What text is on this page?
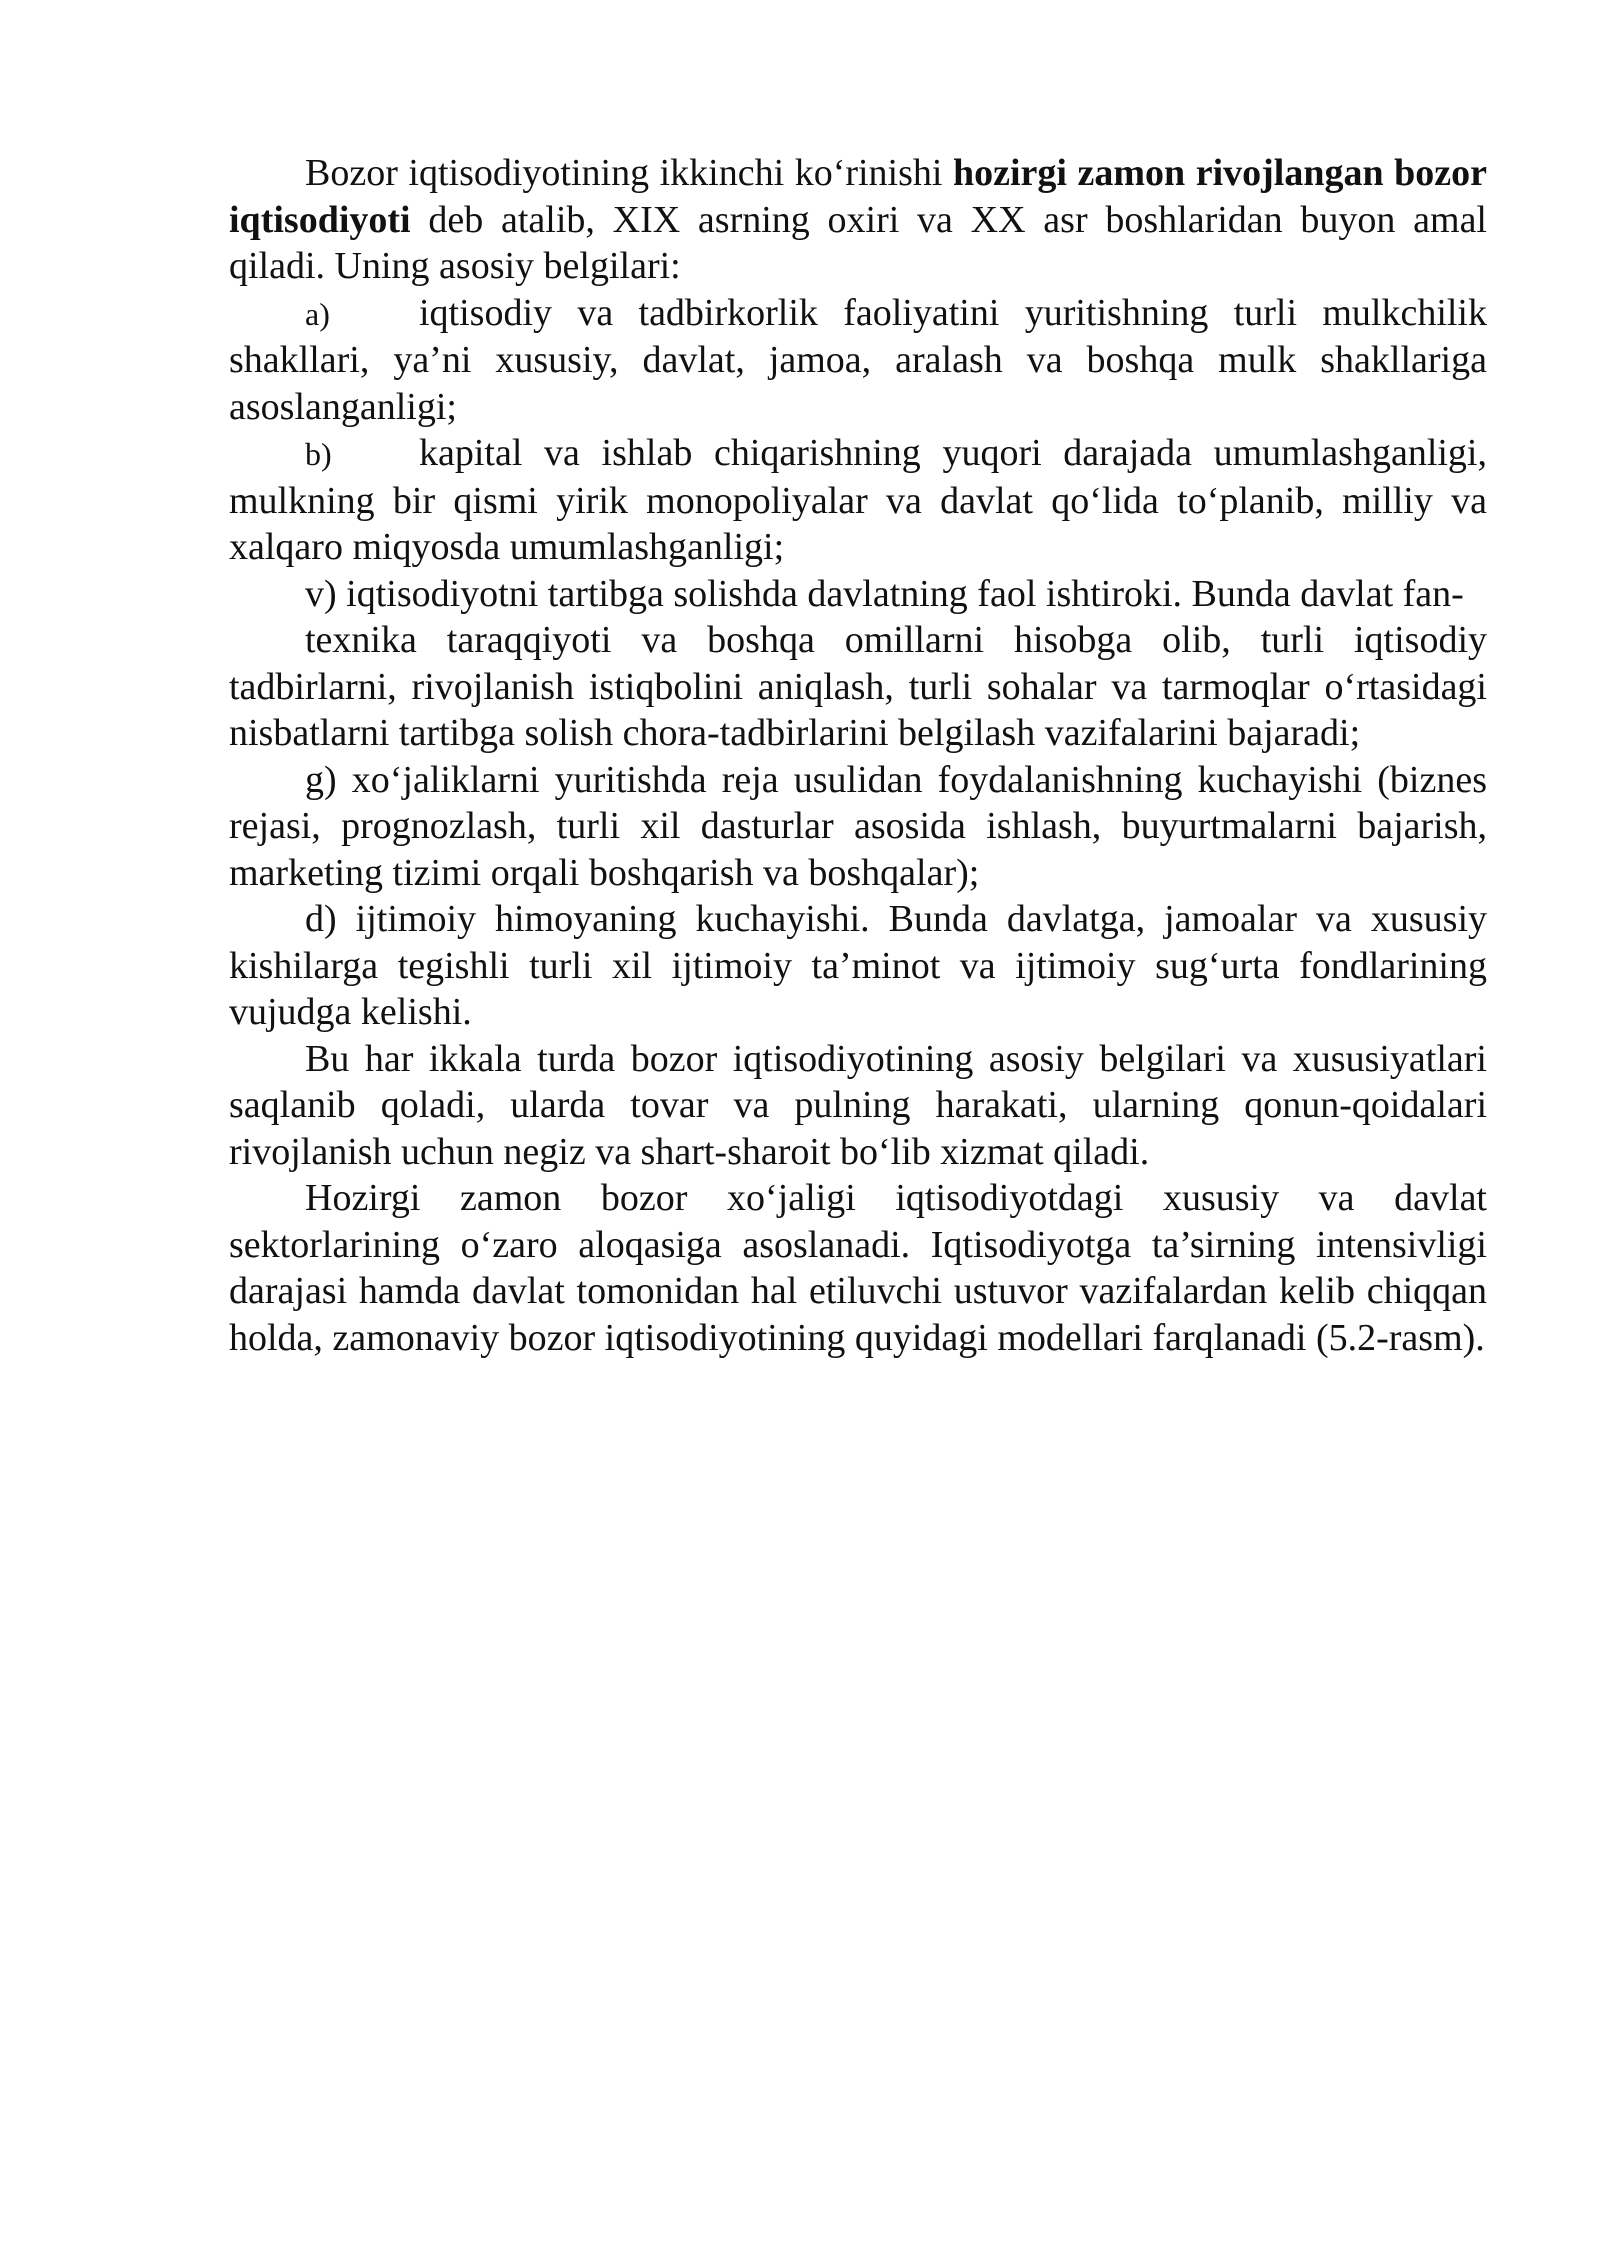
Bozor iqtisodiyotining ikkinchi ko‘rinishi hozirgi zamon rivojlangan bozor iqtisodiyoti deb atalib, XIX asrning oxiri va XX asr boshlaridan buyon amal qiladi. Uning asosiy belgilari:

a) iqtisodiy va tadbirkorlik faoliyatini yuritishning turli mulkchilik shakllari, ya’ni xususiy, davlat, jamoa, aralash va boshqa mulk shakllariga asoslanganligi;

b) kapital va ishlab chiqarishning yuqori darajada umumlashganligi, mulkning bir qismi yirik monopoliyalar va davlat qo‘lida to‘planib, milliy va xalqaro miqyosda umumlashganligi;

v) iqtisodiyotni tartibga solishda davlatning faol ishtiroki. Bunda davlat fan-

texnika taraqqiyoti va boshqa omillarni hisobga olib, turli iqtisodiy tadbirlarni, rivojlanish istiqbolini aniqlash, turli sohalar va tarmoqlar o‘rtasidagi nisbatlarni tartibga solish chora-tadbirlarini belgilash vazifalarini bajaradi;

g) xo‘jaliklarni yuritishda reja usulidan foydalanishning kuchayishi (biznes rejasi, prognozlash, turli xil dasturlar asosida ishlash, buyurtmalarni bajarish, marketing tizimi orqali boshqarish va boshqalar);

d) ijtimoiy himoyaning kuchayishi. Bunda davlatga, jamoalar va xususiy kishilarga tegishli turli xil ijtimoiy ta’minot va ijtimoiy sug‘urta fondlarining vujudga kelishi.

Bu har ikkala turda bozor iqtisodiyotining asosiy belgilari va xususiyatlari saqlanib qoladi, ularda tovar va pulning harakati, ularning qonun-qoidalari rivojlanish uchun negiz va shart-sharoit bo‘lib xizmat qiladi.

Hozirgi zamon bozor xo‘jaligi iqtisodiyotdagi xususiy va davlat sektorlarining o‘zaro aloqasiga asoslanadi. Iqtisodiyotga ta’sirning intensivligi darajasi hamda davlat tomonidan hal etiluvchi ustuvor vazifalardan kelib chiqqan holda, zamonaviy bozor iqtisodiyotining quyidagi modellari farqlanadi (5.2-rasm).
